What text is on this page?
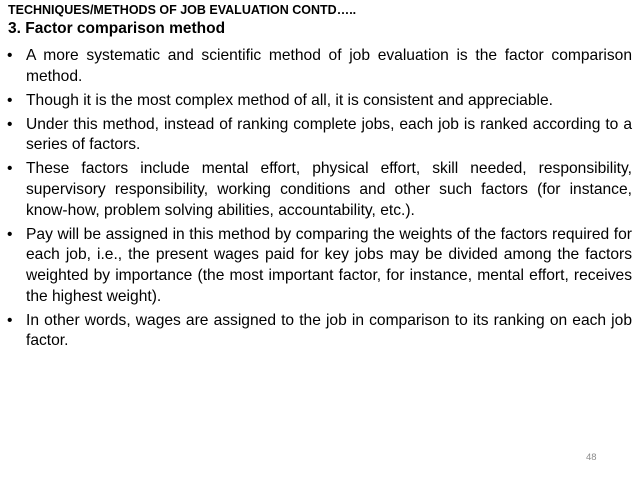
TECHNIQUES/METHODS OF JOB EVALUATION CONTD…..
3. Factor comparison method
• A more systematic and scientific method of job evaluation is the factor comparison method.
• Though it is the most complex method of all, it is consistent and appreciable.
• Under this method, instead of ranking complete jobs, each job is ranked according to a series of factors.
• These factors include mental effort, physical effort, skill needed, responsibility, supervisory responsibility, working conditions and other such factors (for instance, know-how, problem solving abilities, accountability, etc.).
• Pay will be assigned in this method by comparing the weights of the factors required for each job, i.e., the present wages paid for key jobs may be divided among the factors weighted by importance (the most important factor, for instance, mental effort, receives the highest weight).
• In other words, wages are assigned to the job in comparison to its ranking on each job factor.
48
